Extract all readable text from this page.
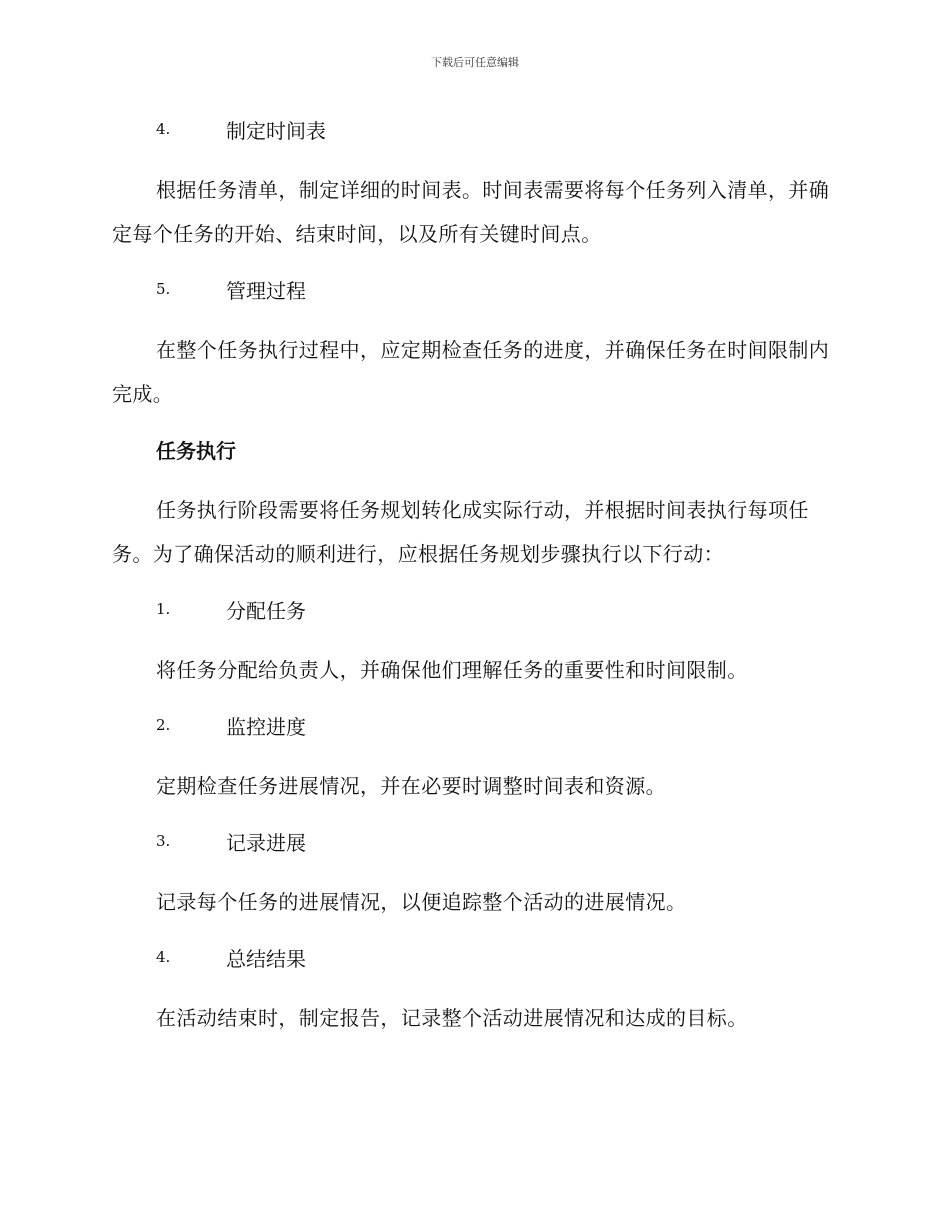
下载后可任意编辑
4.	制定时间表

根据任务清单，制定详细的时间表。时间表需要将每个任务列入清单，并确定每个任务的开始、结束时间，以及所有关键时间点。

5.	管理过程

在整个任务执行过程中，应定期检查任务的进度，并确保任务在时间限制内完成。

任务执行

任务执行阶段需要将任务规划转化成实际行动，并根据时间表执行每项任务。为了确保活动的顺利进行，应根据任务规划步骤执行以下行动：

1.	分配任务

将任务分配给负责人，并确保他们理解任务的重要性和时间限制。

2.	监控进度

定期检查任务进展情况，并在必要时调整时间表和资源。

3.	记录进展

记录每个任务的进展情况，以便追踪整个活动的进展情况。

4.	总结结果

在活动结束时，制定报告，记录整个活动进展情况和达成的目标。
